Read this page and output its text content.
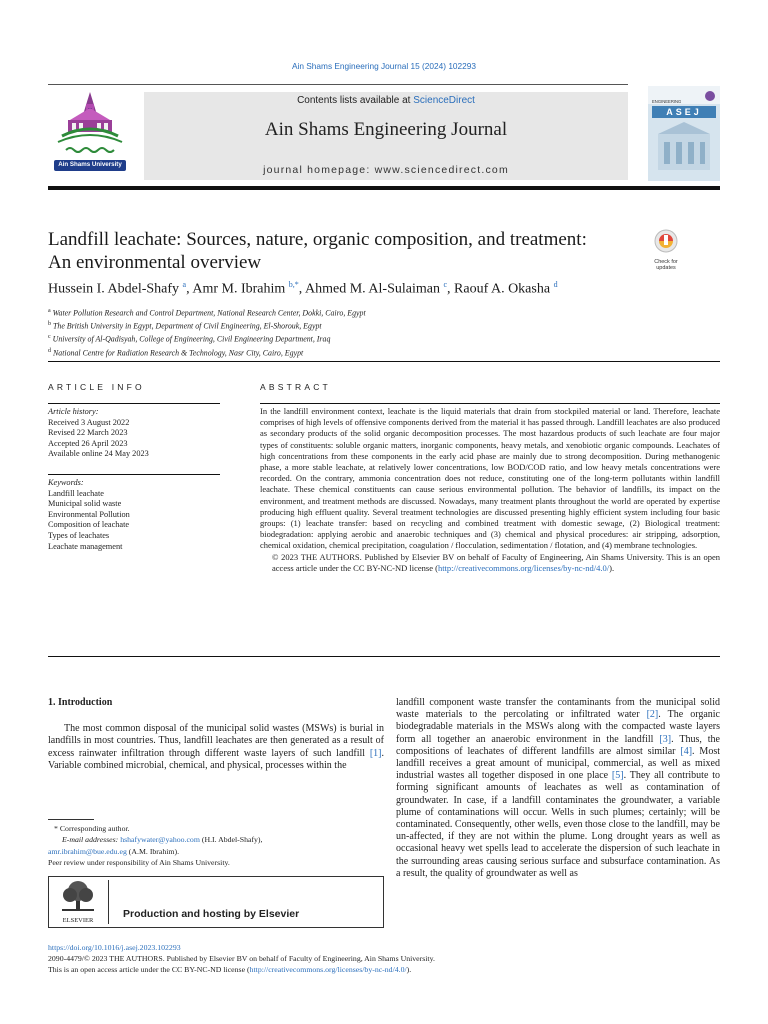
Ain Shams Engineering Journal 15 (2024) 102293
Ain Shams University
Contents lists available at ScienceDirect
Ain Shams Engineering Journal
journal homepage: www.sciencedirect.com
ENGINEERING
ASEJ
Landfill leachate: Sources, nature, organic composition, and treatment:
An environmental overview	Check for updates
Hussein I. Abdel-Shafy $^a$, Amr M. Ibrahim $^{b,*}$, Ahmed M. Al-Sulaiman $^c$, Raouf A. Okasha $^d$
$^a$ Water Pollution Research and Control Department, National Research Center, Dokki, Cairo, Egypt
$^b$ The British University in Egypt, Department of Civil Engineering, El-Shorouk, Egypt
$^c$ University of Al-Qadisyah, College of Engineering, Civil Engineering Department, Iraq
$^d$ National Centre for Radiation Research & Technology, Nasr City, Cairo, Egypt
ARTICLE INFO
Article history:
Received 3 August 2022
Revised 22 March 2023
Accepted 26 April 2023
Available online 24 May 2023
Keywords:
Landfill leachate
Municipal solid waste
Environmental Pollution
Composition of leachate
Types of leachates
Leachate management
ABSTRACT

In the landfill environment context, leachate is the liquid materials that drain from stockpiled material or land. Therefore, leachate comprises of high levels of offensive components derived from the material it has passed through. Landfill leachates are also produced as secondary products of the solid organic decomposition processes. The most hazardous products of such leachate are four major types of constituents: soluble organic matters, inorganic components, heavy metals, and xenobiotic organic compounds. Leachates of high concentrations from these components in the early acid phase are mainly due to strong decomposition. During methanogenic phase, a more stable leachate, at relatively lower concentrations, low BOD/COD ratio, and low heavy metals concentrations were recorded. On the contrary, ammonia concentration does not reduce, constituting one of the long-term pollutants within landfill leachate. These chemical constituents can cause serious environmental pollution. The behavior of landfills, its impact on the environment, and treatment methods are discussed. Nowadays, many treatment plants throughout the world are operated by expertise producing high effluent quality. Several treatment technologies are discussed presenting highly efficient system including four basic groups: (1) leachate transfer: based on recycling and combined treatment with domestic sewage, (2) Biological treatment: biodegradation: applying aerobic and anaerobic techniques and (3) chemical and physical procedures: air stripping, adsorption, chemical oxidation, chemical precipitation, coagulation / flocculation, sedimentation / flotation, and (4) membrane technologies.

© 2023 THE AUTHORS. Published by Elsevier BV on behalf of Faculty of Engineering, Ain Shams University. This is an open access article under the CC BY-NC-ND license (http://creativecommons.org/licenses/by-nc-nd/4.0/).

1. Introduction

The most common disposal of the municipal solid wastes (MSWs) is burial in landfills in most countries. Thus, landfill leachates are then generated as a result of excess rainwater infiltration through different waste layers of such landfill [1]. Variable combined microbial, chemical, and physical, processes within the

landfill component waste transfer the contaminants from the municipal solid waste materials to the percolating or infiltrated water [2]. The organic biodegradable materials in the MSWs along with the compacted waste layers form all together an anaerobic environment in the landfill [3]. Thus, the compositions of leachates of different landfills are almost similar [4]. Most landfill receives a great amount of municipal, commercial, as well as mixed industrial wastes all together disposed in one place [5]. They all contribute to forming significant amounts of leachates as well as contamination of groundwater. In case, if a landfill contaminates the groundwater, a variable plume of contaminations will occur. Wells in such plumes; certainly; will be contaminated. Consequently, other wells, even those close to the landfill, may be un-affected, if they are not within the plume. Long drought years as well as occasional heavy wet spells lead to accelerate the dispersion of such leachate in the surrounding areas causing serious surface and subsurface contamination. As a result, the quality of groundwater as well as
* Corresponding author.
E-mail addresses: hshafywater@yahoo.com (H.I. Abdel-Shafy),
amr.ibrahim@bue.edu.eg (A.M. Ibrahim).
Peer review under responsibility of Ain Shams University.
ELSEVIER
Production and hosting by Elsevier
https://doi.org/10.1016/j.asej.2023.102293
2090-4479/© 2023 THE AUTHORS. Published by Elsevier BV on behalf of Faculty of Engineering, Ain Shams University.
This is an open access article under the CC BY-NC-ND license (http://creativecommons.org/licenses/by-nc-nd/4.0/).
